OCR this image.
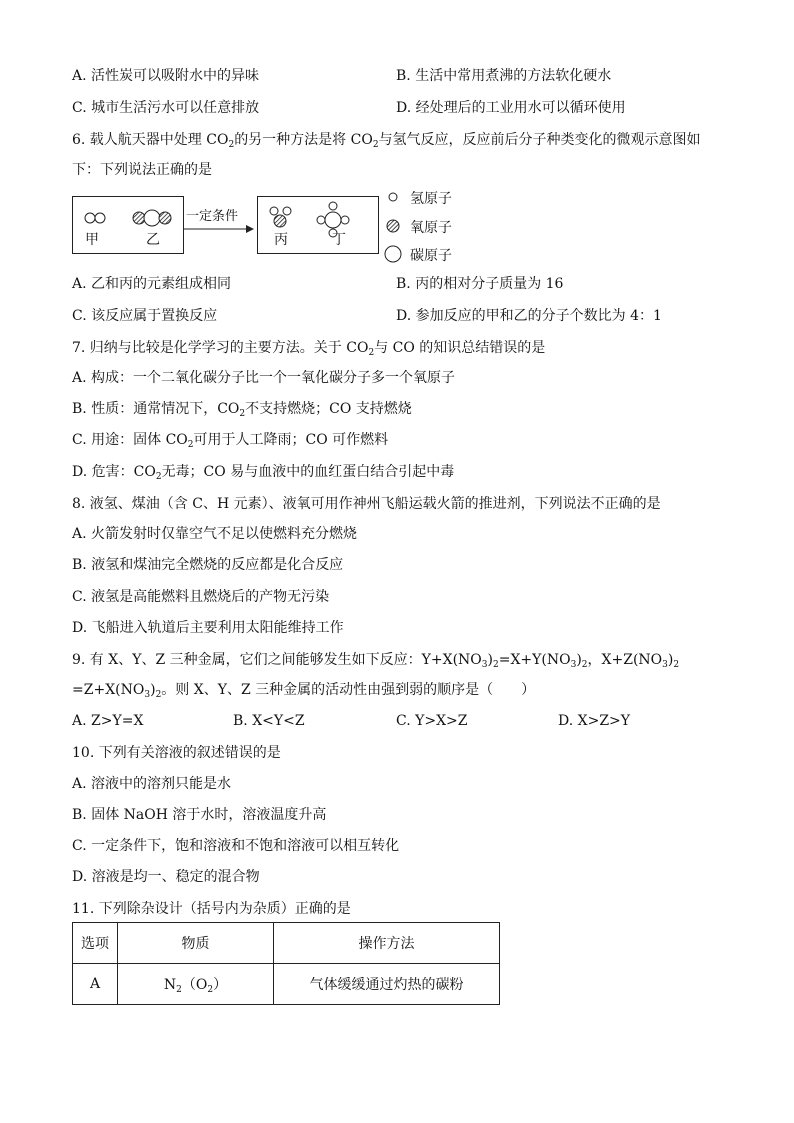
A. 活性炭可以吸附水中的异味	B. 生活中常用煮沸的方法软化硬水
C. 城市生活污水可以任意排放	D. 经处理后的工业用水可以循环使用
6. 载人航天器中处理 $CO_2$的另一种方法是将 $CO_2$与氢气反应，反应前后分子种类变化的微观示意图如
下：下列说法正确的是
甲	乙
一定条件
丙	丁
氢原子
氧原子
碳原子
A. 乙和丙的元素组成相同	B. 丙的相对分子质量为 16
C. 该反应属于置换反应	D. 参加反应的甲和乙的分子个数比为 4：1
7. 归纳与比较是化学学习的主要方法。关于 $CO_2$与 CO 的知识总结错误的是
A. 构成：一个二氧化碳分子比一个一氧化碳分子多一个氧原子
B. 性质：通常情况下，$CO_2$不支持燃烧；CO 支持燃烧
C. 用途：固体 $CO_2$可用于人工降雨；CO 可作燃料
D. 危害：$CO_2$无毒；CO 易与血液中的血红蛋白结合引起中毒
8. 液氢、煤油（含 C、H 元素）、液氧可用作神州飞船运载火箭的推进剂，下列说法不正确的是
A. 火箭发射时仅靠空气不足以使燃料充分燃烧
B. 液氢和煤油完全燃烧的反应都是化合反应
C. 液氢是高能燃料且燃烧后的产物无污染
D. 飞船进入轨道后主要利用太阳能维持工作
9. 有 X、Y、Z 三种金属，它们之间能够发生如下反应：$Y+X(NO_3)_2=X+Y(NO_3)_2$，$X+Z(NO_3)_2$
$=Z+X(NO_3)_2$。则 X、Y、Z 三种金属的活动性由强到弱的顺序是（　　）
A. Z>Y=X	B. X<Y<Z	C. Y>X>Z	D. X>Z>Y
10. 下列有关溶液的叙述错误的是
A. 溶液中的溶剂只能是水
B. 固体 NaOH 溶于水时，溶液温度升高
C. 一定条件下，饱和溶液和不饱和溶液可以相互转化
D. 溶液是均一、稳定的混合物
11. 下列除杂设计（括号内为杂质）正确的是
选项	物质	操作方法
A	$N_2(O_2)$	气体缓缓通过灼热的碳粉
